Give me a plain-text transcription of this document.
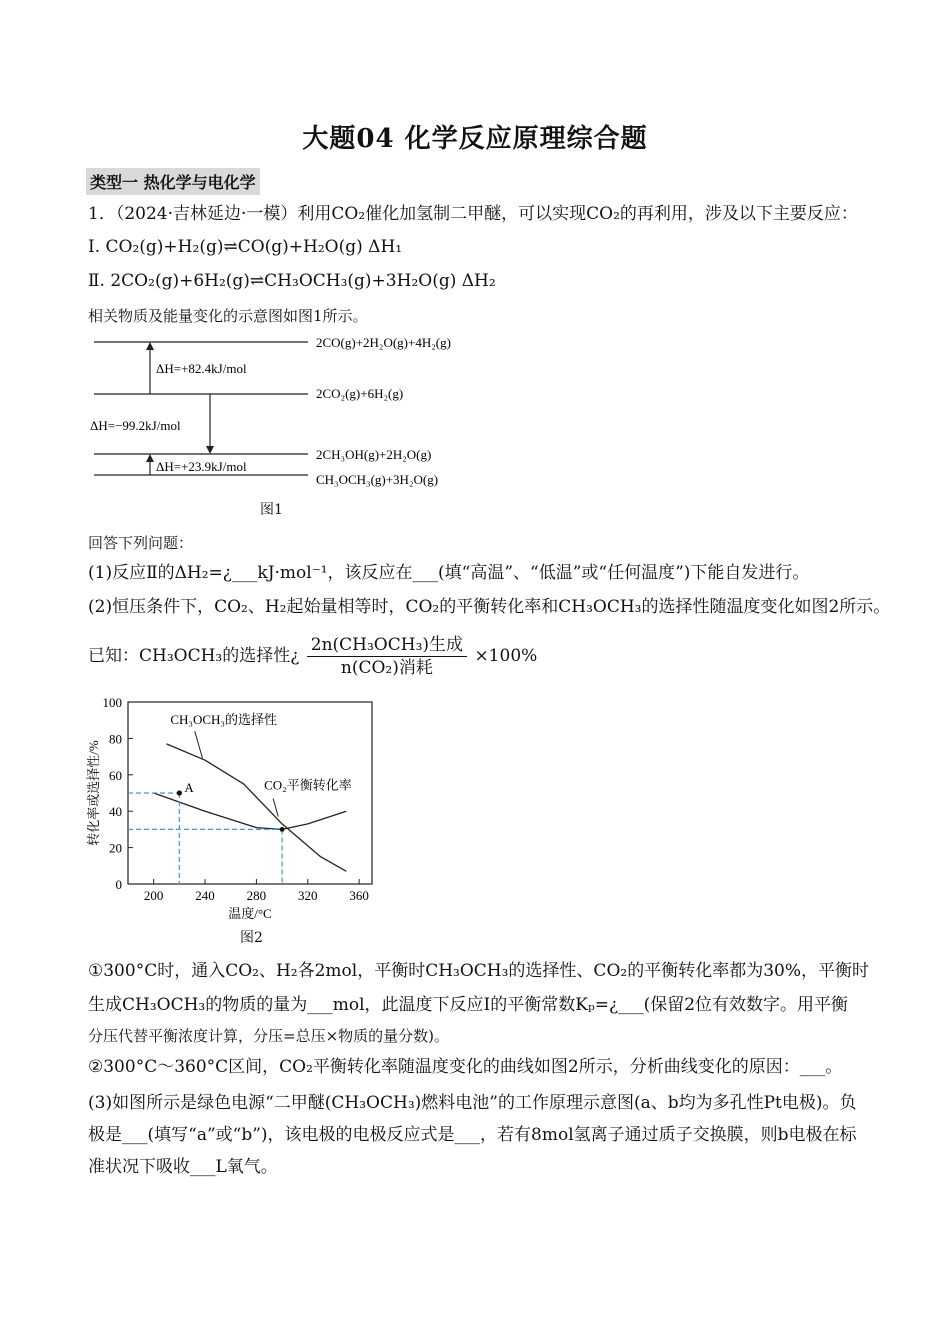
大题04 化学反应原理综合题
类型一 热化学与电化学
1．（2024·吉林延边·一模）利用CO₂催化加氢制二甲醚，可以实现CO₂的再利用，涉及以下主要反应：
Ⅰ. CO₂(g)+H₂(g)⇌CO(g)+H₂O(g) ΔH₁
Ⅱ. 2CO₂(g)+6H₂(g)⇌CH₃OCH₃(g)+3H₂O(g) ΔH₂
相关物质及能量变化的示意图如图1所示。
2CO(g)+2H₂O(g)+4H₂(g)
2CO₂(g)+6H₂(g)
2CH₃OH(g)+2H₂O(g)
CH₃OCH₃(g)+3H₂O(g)
ΔH=+82.4kJ/mol
ΔH=−99.2kJ/mol
ΔH=+23.9kJ/mol
图1
回答下列问题：
(1)反应Ⅱ的ΔH₂=¿___kJ·mol⁻¹，该反应在___(填“高温”、“低温”或“任何温度”)下能自发进行。
(2)恒压条件下，CO₂、H₂起始量相等时，CO₂的平衡转化率和CH₃OCH₃的选择性随温度变化如图2所示。
已知：CH₃OCH₃的选择性¿ $\frac{\text{2n(CH₃OCH₃)生成}}{\text{n(CO₂)消耗}} \times 100\%$
0
20
40
60
80
100
200 240 280 320 360
温度/°C
转化率或选择性/%
CH₃OCH₃的选择性
CO₂平衡转化率
A
图2
①300°C时，通入CO₂、H₂各2mol，平衡时CH₃OCH₃的选择性、CO₂的平衡转化率都为30%，平衡时
生成CH₃OCH₃的物质的量为___mol，此温度下反应Ⅰ的平衡常数Kₚ=¿___(保留2位有效数字。用平衡
分压代替平衡浓度计算，分压=总压×物质的量分数)。
②300°C～360°C区间，CO₂平衡转化率随温度变化的曲线如图2所示，分析曲线变化的原因：___。
(3)如图所示是绿色电源“二甲醚(CH₃OCH₃)燃料电池”的工作原理示意图(a、b均为多孔性Pt电极)。负
极是___(填写“a”或“b”)，该电极的电极反应式是___，若有8mol氢离子通过质子交换膜，则b电极在标
准状况下吸收___L氧气。
